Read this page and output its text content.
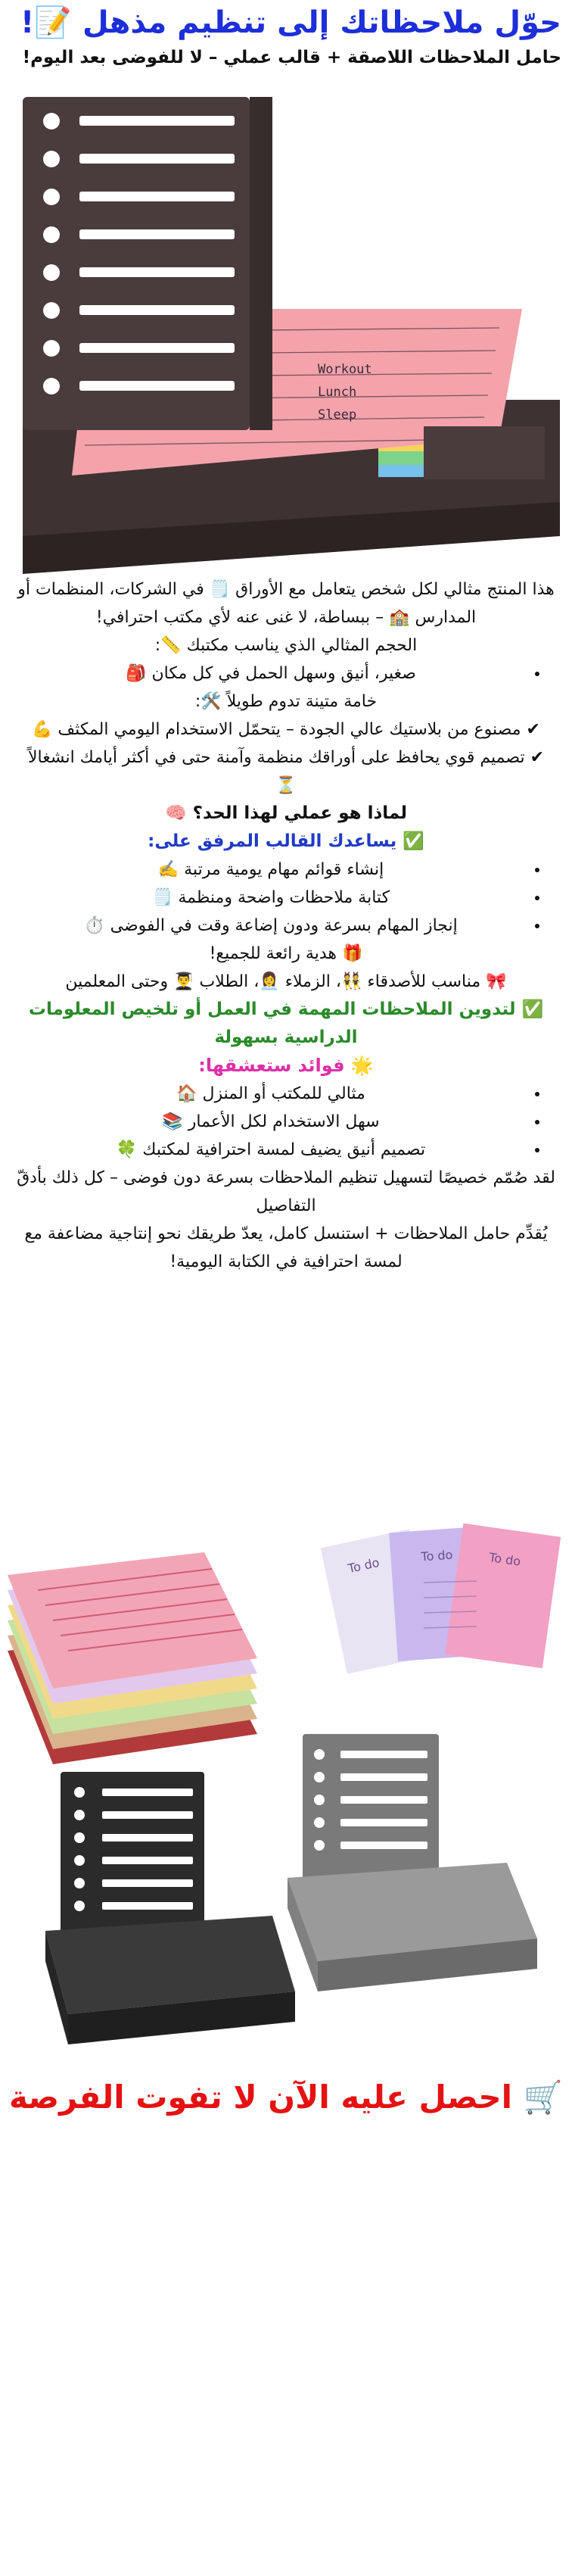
حوّل ملاحظاتك إلى تنظيم مذهل 📝!
حامل الملاحظات اللاصقة + قالب عملي – لا للفوضى بعد اليوم!
Workout
Lunch
Sleep

هذا المنتج مثالي لكل شخص يتعامل مع الأوراق 🗒️ في الشركات، المنظمات أو المدارس 🏫 – ببساطة، لا غنى عنه لأي مكتب احترافي!

الحجم المثالي الذي يناسب مكتبك 📏:

• صغير، أنيق وسهل الحمل في كل مكان 🎒

خامة متينة تدوم طويلاً 🛠️:

✔ مصنوع من بلاستيك عالي الجودة – يتحمّل الاستخدام اليومي المكثف 💪

✔ تصميم قوي يحافظ على أوراقك منظمة وآمنة حتى في أكثر أيامك انشغالاً ⏳

لماذا هو عملي لهذا الحد؟ 🧠

✅ يساعدك القالب المرفق على:

• إنشاء قوائم مهام يومية مرتبة ✍️
• كتابة ملاحظات واضحة ومنظمة 🗒️
• إنجاز المهام بسرعة ودون إضاعة وقت في الفوضى ⏱️

🎁 هدية رائعة للجميع!

🎀 مناسب للأصدقاء 👯، الزملاء 👩‍💼، الطلاب 👨‍🎓 وحتى المعلمين

✅ لتدوين الملاحظات المهمة في العمل أو تلخيص المعلومات الدراسية بسهولة

🌟 فوائد ستعشقها:

• مثالي للمكتب أو المنزل 🏠
• سهل الاستخدام لكل الأعمار 📚
• تصميم أنيق يضيف لمسة احترافية لمكتبك 🍀

لقد صُمّم خصيصًا لتسهيل تنظيم الملاحظات بسرعة دون فوضى – كل ذلك بأدقّ التفاصيل

يُقدِّم حامل الملاحظات + استنسل كامل، يعدّ طريقك نحو إنتاجية مضاعفة مع لمسة احترافية في الكتابة اليومية!

To do	To do	To do
🛒 احصل عليه الآن لا تفوت الفرصة
